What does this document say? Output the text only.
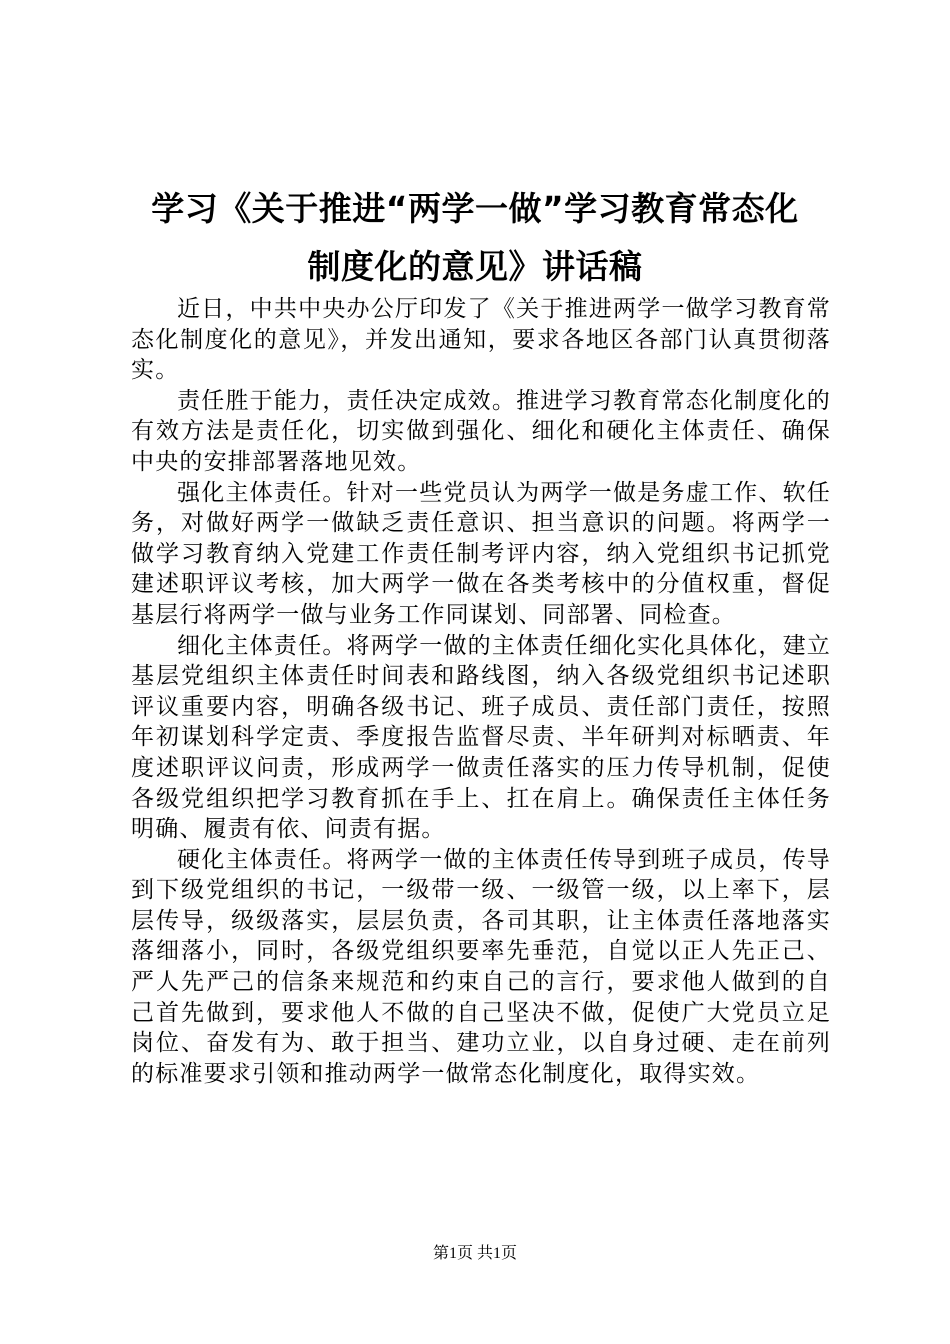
学习《关于推进“两学一做”学习教育常态化
制度化的意见》讲话稿

近日，中共中央办公厅印发了《关于推进两学一做学习教育常态化制度化的意见》，并发出通知，要求各地区各部门认真贯彻落实。

责任胜于能力，责任决定成效。推进学习教育常态化制度化的有效方法是责任化，切实做到强化、细化和硬化主体责任、确保中央的安排部署落地见效。

强化主体责任。针对一些党员认为两学一做是务虚工作、软任务，对做好两学一做缺乏责任意识、担当意识的问题。将两学一做学习教育纳入党建工作责任制考评内容，纳入党组织书记抓党建述职评议考核，加大两学一做在各类考核中的分值权重，督促基层行将两学一做与业务工作同谋划、同部署、同检查。

细化主体责任。将两学一做的主体责任细化实化具体化，建立基层党组织主体责任时间表和路线图，纳入各级党组织书记述职评议重要内容，明确各级书记、班子成员、责任部门责任，按照年初谋划科学定责、季度报告监督尽责、半年研判对标晒责、年度述职评议问责，形成两学一做责任落实的压力传导机制，促使各级党组织把学习教育抓在手上、扛在肩上。确保责任主体任务明确、履责有依、问责有据。

硬化主体责任。将两学一做的主体责任传导到班子成员，传导到下级党组织的书记，一级带一级、一级管一级，以上率下，层层传导，级级落实，层层负责，各司其职，让主体责任落地落实落细落小，同时，各级党组织要率先垂范，自觉以正人先正己、严人先严己的信条来规范和约束自己的言行，要求他人做到的自己首先做到，要求他人不做的自己坚决不做，促使广大党员立足岗位、奋发有为、敢于担当、建功立业，以自身过硬、走在前列的标准要求引领和推动两学一做常态化制度化，取得实效。

第1页 共1页
